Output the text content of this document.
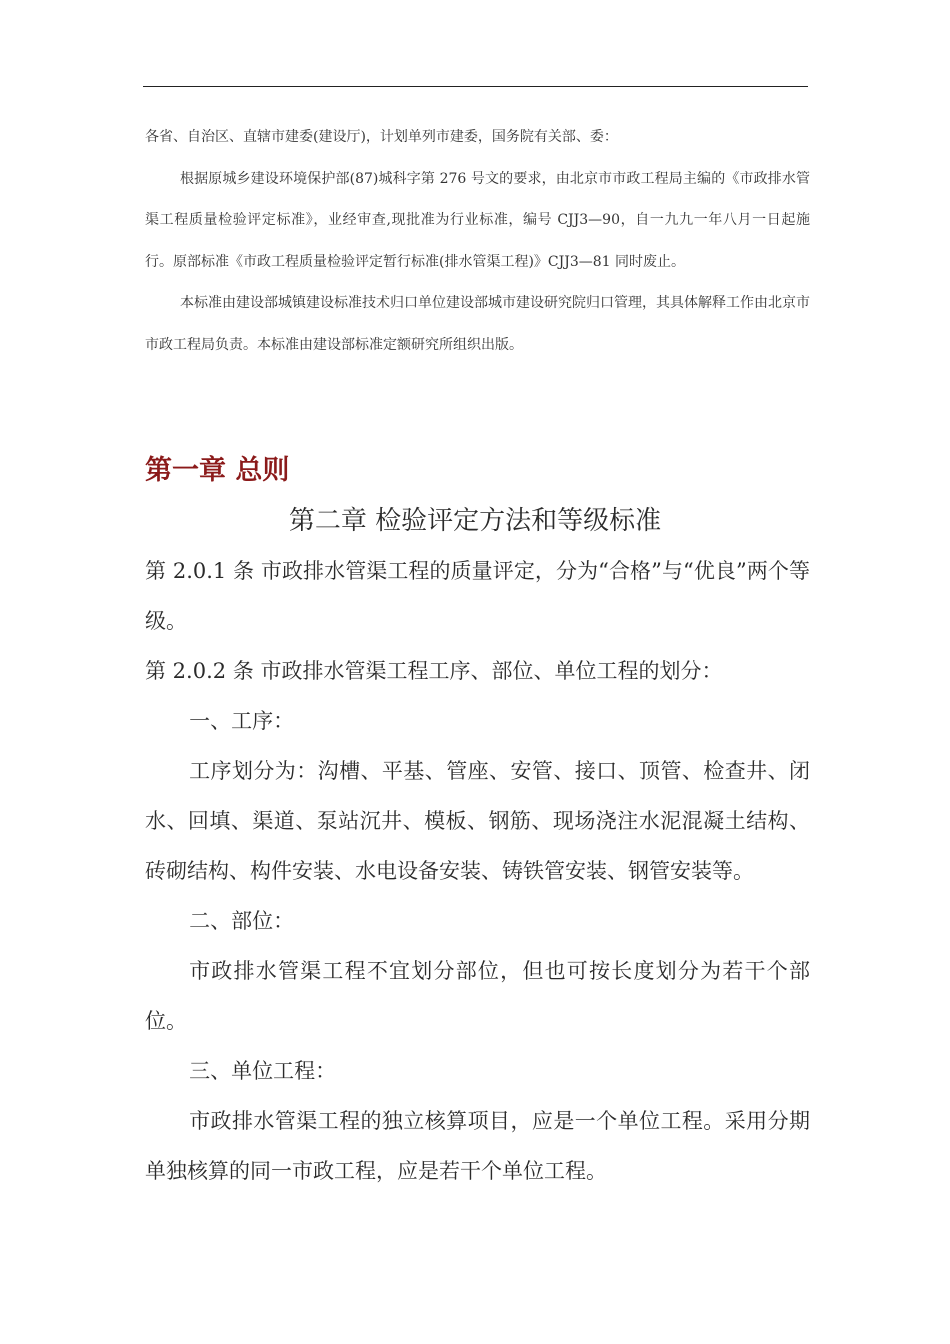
各省、自治区、直辖市建委(建设厅)，计划单列市建委，国务院有关部、委：

根据原城乡建设环境保护部(87)城科字第 276 号文的要求，由北京市市政工程局主编的《市政排水管渠工程质量检验评定标准》，业经审查,现批准为行业标准，编号 CJJ3—90，自一九九一年八月一日起施行。原部标准《市政工程质量检验评定暂行标准(排水管渠工程)》CJJ3—81 同时废止。

本标准由建设部城镇建设标准技术归口单位建设部城市建设研究院归口管理，其具体解释工作由北京市市政工程局负责。本标准由建设部标准定额研究所组织出版。

第一章 总则
第二章 检验评定方法和等级标准

第 2.0.1 条 市政排水管渠工程的质量评定，分为“合格”与“优良”两个等级。

第 2.0.2 条 市政排水管渠工程工序、部位、单位工程的划分：

一、工序：

工序划分为：沟槽、平基、管座、安管、接口、顶管、检查井、闭水、回填、渠道、泵站沉井、模板、钢筋、现场浇注水泥混凝土结构、砖砌结构、构件安装、水电设备安装、铸铁管安装、钢管安装等。

二、部位：

市政排水管渠工程不宜划分部位，但也可按长度划分为若干个部位。

三、单位工程：

市政排水管渠工程的独立核算项目，应是一个单位工程。采用分期单独核算的同一市政工程，应是若干个单位工程。
